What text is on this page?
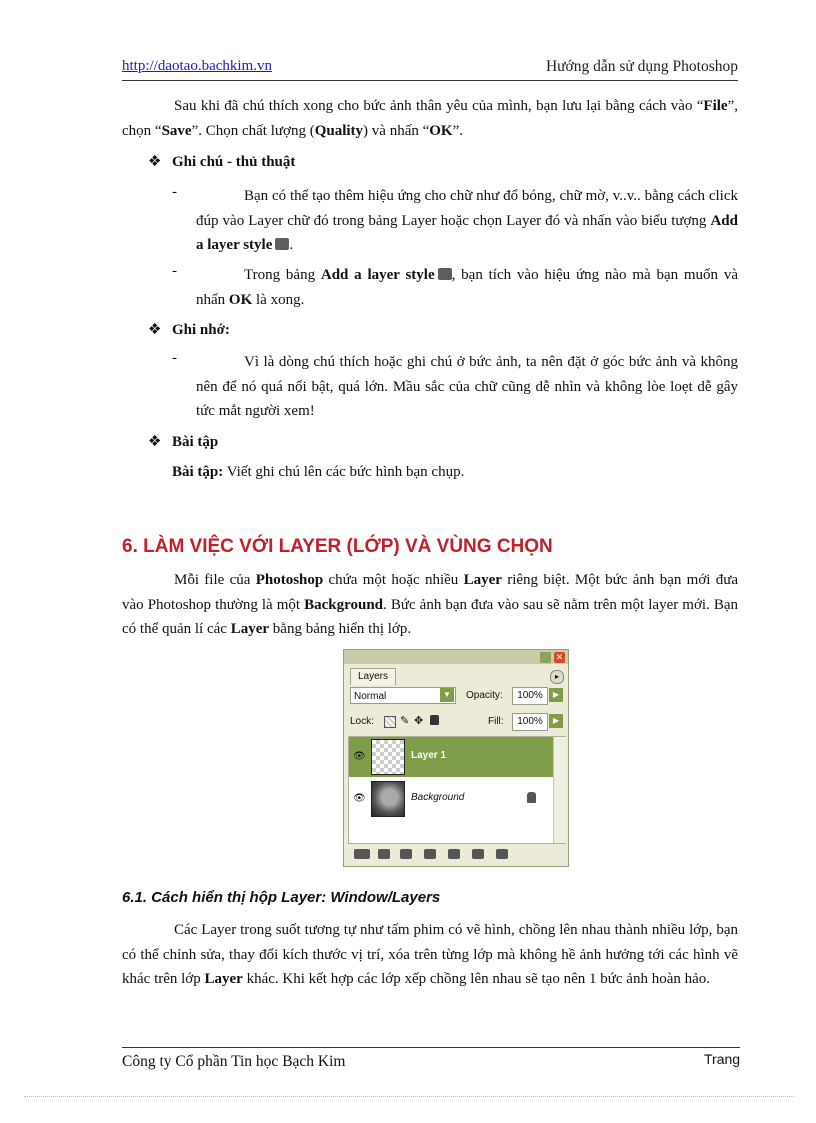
http://daotao.bachkim.vn	Hướng dẫn sử dụng Photoshop
Sau khi đã chú thích xong cho bức ảnh thân yêu của mình, bạn lưu lại bằng cách vào “File”, chọn “Save”. Chọn chất lượng (Quality) và nhấn “OK”.
❖ Ghi chú - thủ thuật
-	Bạn có thể tạo thêm hiệu ứng cho chữ như đổ bóng, chữ mờ, v..v.. bằng cách click đúp vào Layer chữ đó trong bảng Layer hoặc chọn Layer đó và nhấn vào biểu tượng Add a layer style .
-	Trong bảng Add a layer style , bạn tích vào hiệu ứng nào mà bạn muốn và nhấn OK là xong.
❖ Ghi nhớ:
-	Vì là dòng chú thích hoặc ghi chú ở bức ảnh, ta nên đặt ở góc bức ảnh và không nên để nó quá nổi bật, quá lớn. Mầu sắc của chữ cũng dễ nhìn và không lòe loẹt dễ gây tức mắt người xem!
❖ Bài tập
Bài tập: Viết ghi chú lên các bức hình bạn chụp.
6. LÀM VIỆC VỚI LAYER (LỚP) VÀ VÙNG CHỌN
Mỗi file của Photoshop chứa một hoặc nhiều Layer riêng biệt. Một bức ảnh bạn mới đưa vào Photoshop thường là một Background. Bức ảnh bạn đưa vào sau sẽ nằm trên một layer mới. Bạn có thể quản lí các Layer bằng bảng hiển thị lớp.
✕
Layers	▸
Normal	▼	Opacity:	100%	▶
Lock: ✎ ✥	Fill:	100%	▶
👁	Layer 1
👁	Background
6.1. Cách hiển thị hộp Layer: Window/Layers
Các Layer trong suốt tương tự như tấm phim có vẽ hình, chồng lên nhau thành nhiều lớp, bạn có thể chỉnh sửa, thay đổi kích thước vị trí, xóa trên từng lớp mà không hề ảnh hưởng tới các hình vẽ khác trên lớp Layer khác. Khi kết hợp các lớp xếp chồng lên nhau sẽ tạo nên 1 bức ảnh hoàn hảo.
Công ty Cổ phần Tin học Bạch Kim	Trang
